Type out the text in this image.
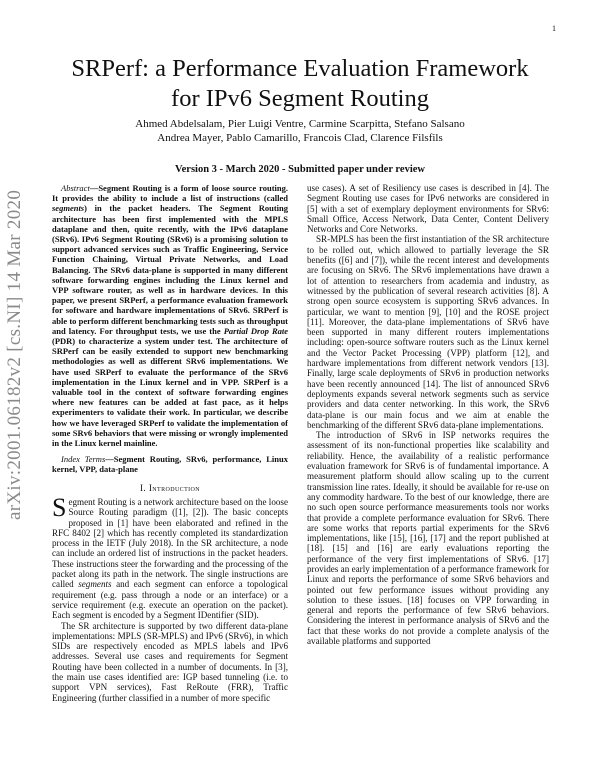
1
arXiv:2001.06182v2 [cs.NI] 14 Mar 2020
SRPerf: a Performance Evaluation Framework
for IPv6 Segment Routing
Ahmed Abdelsalam, Pier Luigi Ventre, Carmine Scarpitta, Stefano Salsano
Andrea Mayer, Pablo Camarillo, Francois Clad, Clarence Filsfils
Version 3 - March 2020 - Submitted paper under review

Abstract—Segment Routing is a form of loose source routing. It provides the ability to include a list of instructions (called segments) in the packet headers. The Segment Routing architecture has been first implemented with the MPLS dataplane and then, quite recently, with the IPv6 dataplane (SRv6). IPv6 Segment Routing (SRv6) is a promising solution to support advanced services such as Traffic Engineering, Service Function Chaining, Virtual Private Networks, and Load Balancing. The SRv6 data-plane is supported in many different software forwarding engines including the Linux kernel and VPP software router, as well as in hardware devices. In this paper, we present SRPerf, a performance evaluation framework for software and hardware implementations of SRv6. SRPerf is able to perform different benchmarking tests such as throughput and latency. For throughput tests, we use the Partial Drop Rate (PDR) to characterize a system under test. The architecture of SRPerf can be easily extended to support new benchmarking methodologies as well as different SRv6 implementations. We have used SRPerf to evaluate the performance of the SRv6 implementation in the Linux kernel and in VPP. SRPerf is a valuable tool in the context of software forwarding engines where new features can be added at fast pace, as it helps experimenters to validate their work. In particular, we describe how we have leveraged SRPerf to validate the implementation of some SRv6 behaviors that were missing or wrongly implemented in the Linux kernel mainline.

Index Terms—Segment Routing, SRv6, performance, Linux kernel, VPP, data-plane

I. Introduction

Segment Routing is a network architecture based on the loose Source Routing paradigm ([1], [2]). The basic concepts proposed in [1] have been elaborated and refined in the RFC 8402 [2] which has recently completed its standardization process in the IETF (July 2018). In the SR architecture, a node can include an ordered list of instructions in the packet headers. These instructions steer the forwarding and the processing of the packet along its path in the network. The single instructions are called segments and each segment can enforce a topological requirement (e.g. pass through a node or an interface) or a service requirement (e.g. execute an operation on the packet). Each segment is encoded by a Segment IDentifier (SID).

The SR architecture is supported by two different data-plane implementations: MPLS (SR-MPLS) and IPv6 (SRv6), in which SIDs are respectively encoded as MPLS labels and IPv6 addresses. Several use cases and requirements for Segment Routing have been collected in a number of documents. In [3], the main use cases identified are: IGP based tunneling (i.e. to support VPN services), Fast ReRoute (FRR), Traffic Engineering (further classified in a number of more specific

use cases). A set of Resiliency use cases is described in [4]. The Segment Routing use cases for IPv6 networks are considered in [5] with a set of exemplary deployment environments for SRv6: Small Office, Access Network, Data Center, Content Delivery Networks and Core Networks.

SR-MPLS has been the first instantiation of the SR architecture to be rolled out, which allowed to partially leverage the SR benefits ([6] and [7]), while the recent interest and developments are focusing on SRv6. The SRv6 implementations have drawn a lot of attention to researchers from academia and industry, as witnessed by the publication of several research activities [8]. A strong open source ecosystem is supporting SRv6 advances. In particular, we want to mention [9], [10] and the ROSE project [11]. Moreover, the data-plane implementations of SRv6 have been supported in many different routers implementations including: open-source software routers such as the Linux kernel and the Vector Packet Processing (VPP) platform [12], and hardware implementations from different network vendors [13]. Finally, large scale deployments of SRv6 in production networks have been recently announced [14]. The list of announced SRv6 deployments expands several network segments such as service providers and data center networking. In this work, the SRv6 data-plane is our main focus and we aim at enable the benchmarking of the different SRv6 data-plane implementations.

The introduction of SRv6 in ISP networks requires the assessment of its non-functional properties like scalability and reliability. Hence, the availability of a realistic performance evaluation framework for SRv6 is of fundamental importance. A measurement platform should allow scaling up to the current transmission line rates. Ideally, it should be available for re-use on any commodity hardware. To the best of our knowledge, there are no such open source performance measurements tools nor works that provide a complete performance evaluation for SRv6. There are some works that reports partial experiments for the SRv6 implementations, like [15], [16], [17] and the report published at [18]. [15] and [16] are early evaluations reporting the performance of the very first implementations of SRv6. [17] provides an early implementation of a performance framework for Linux and reports the performance of some SRv6 behaviors and pointed out few performance issues without providing any solution to these issues. [18] focuses on VPP forwarding in general and reports the performance of few SRv6 behaviors. Considering the interest in performance analysis of SRv6 and the fact that these works do not provide a complete analysis of the available platforms and supported
